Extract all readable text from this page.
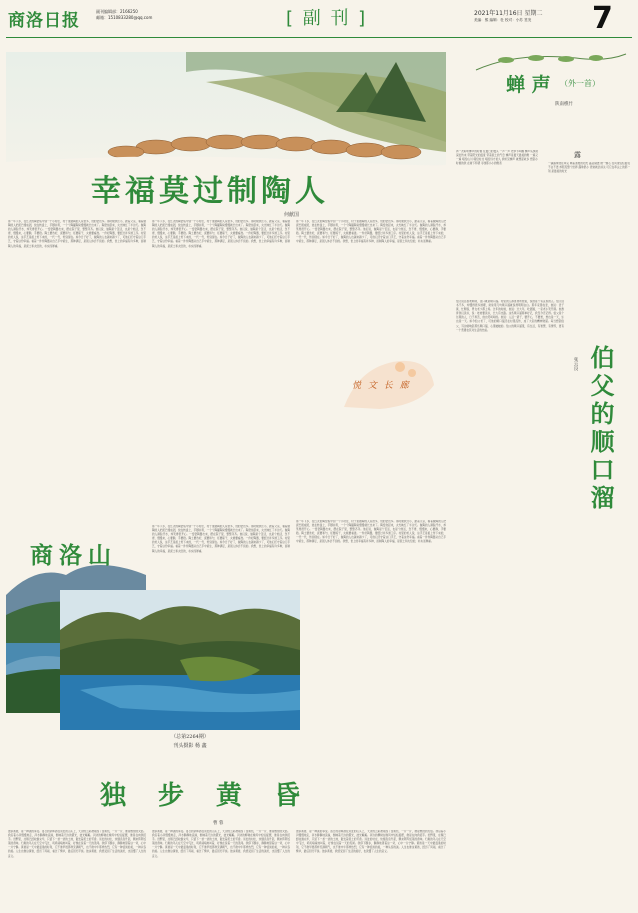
商洛日报	副刊编辑部：2166250
邮箱：1510833280@qq.com	[ 副 刊 ]	2021年11月16日 星期二
美编：熊 编辑：杜 校对：小苏 签发 7
幸福莫过制陶人
何献国
那一年下乡，在红火的陶窑集中到一个小村庄，村子里做陶的人家很多，烧的窑也多。那时候我还小，跟着父亲，看着做陶的人把泥巴揉成团，放在转盘上，手脚并用，一个个陶罐陶瓮慢慢就长出来了。陶窑烧起来，火光映红了半边天。做陶的人满脸汗水，却笑得很开心。一窑窑陶器出来，摆在院子里，整整齐齐。他们说，做陶是个苦活，也是个细活，急不得，慢慢来，心要静，手要稳。陶土要选好，泥要和匀，坯要晾干，火候要看准。一件好陶器，要经过许多道工序。村里的老人说，这手艺是祖上传下来的，一代一代，传到现在。如今日子好了，做陶的人也越来越少了，可他们还守着这门手艺，守着这份幸福。看着一件件陶器从自己手中诞生，那种满足，是别人体会不到的。我想，世上的幸福有许多种，而制陶人的幸福，是泥土和火给的，朴实而厚重。
那一年下乡，在红火的陶窑集中到一个小村庄，村子里做陶的人家很多，烧的窑也多。那时候我还小，跟着父亲，看着做陶的人把泥巴揉成团，放在转盘上，手脚并用，一个个陶罐陶瓮慢慢就长出来了。陶窑烧起来，火光映红了半边天。做陶的人满脸汗水，却笑得很开心。一窑窑陶器出来，摆在院子里，整整齐齐。他们说，做陶是个苦活，也是个细活，急不得，慢慢来，心要静，手要稳。陶土要选好，泥要和匀，坯要晾干，火候要看准。一件好陶器，要经过许多道工序。村里的老人说，这手艺是祖上传下来的，一代一代，传到现在。如今日子好了，做陶的人也越来越少了，可他们还守着这门手艺，守着这份幸福。看着一件件陶器从自己手中诞生，那种满足，是别人体会不到的。我想，世上的幸福有许多种，而制陶人的幸福，是泥土和火给的，朴实而厚重。
那一年下乡，在红火的陶窑集中到一个小村庄，村子里做陶的人家很多，烧的窑也多。那时候我还小，跟着父亲，看着做陶的人把泥巴揉成团，放在转盘上，手脚并用，一个个陶罐陶瓮慢慢就长出来了。陶窑烧起来，火光映红了半边天。做陶的人满脸汗水，却笑得很开心。一窑窑陶器出来，摆在院子里，整整齐齐。他们说，做陶是个苦活，也是个细活，急不得，慢慢来，心要静，手要稳。陶土要选好，泥要和匀，坯要晾干，火候要看准。一件好陶器，要经过许多道工序。村里的老人说，这手艺是祖上传下来的，一代一代，传到现在。如今日子好了，做陶的人也越来越少了，可他们还守着这门手艺，守着这份幸福。看着一件件陶器从自己手中诞生，那种满足，是别人体会不到的。我想，世上的幸福有许多种，而制陶人的幸福，是泥土和火给的，朴实而厚重。
蝉 声 （外一首）
陕南樵竹
再一次聆听蝉声的时候 在夏日的枝头 一声一声 把季节叫醒 蝉声从绿荫深处传来 带着阳光的温度 带着泥土的气息 蝉声是夏天最美的歌 一遍又一遍 唱给山川 唱给村庄 唱给远方的人 我听见蝉声 就想起故乡 想起小时候的我 在树下仰望 寻找那小小的歌者
露
一滴露珠挂在草尖 映着清晨的阳光 晶莹剔透 像一颗心 在风里轻轻摇曳 不言不语 却照见整个世界 露珠很小 很快就会消失 可它在草尖上的那一刻 是最美的时光
伯父的顺口溜
张云良
伯父说话喜欢押韵，张口就是顺口溜。村里的人都喜欢听他说，说他是个有意思的人。伯父读书不多，却懂得很多道理，常常用几句顺口溜就说得明明白白。那年家里收麦，他说：麦子黄，忙断肠，男女老少都上场。过年的时候，他说：过大年，吃团圆，一家老小笑开颜。他教育我们读书，说：娃娃要读书，长大有出路。这些顺口溜简单好记，我至今还记得。伯父是个乐观的人，日子再苦，他也笑呵呵的。他说：人活一辈子，要开心，不要愁，愁也是一天，乐也是一天。如今伯父老了，可他的顺口溜还在村里流传，成了大家的精神财富。每当想起伯父，耳边就响起那些顺口溜，心里暖暖的。伯父的顺口溜里，有生活，有智慧，有情怀，更有一个普通农民对生活的热爱。
悦 文 长 廊
那一年下乡，在红火的陶窑集中到一个小村庄，村子里做陶的人家很多，烧的窑也多。那时候我还小，跟着父亲，看着做陶的人把泥巴揉成团，放在转盘上，手脚并用，一个个陶罐陶瓮慢慢就长出来了。陶窑烧起来，火光映红了半边天。做陶的人满脸汗水，却笑得很开心。一窑窑陶器出来，摆在院子里，整整齐齐。他们说，做陶是个苦活，也是个细活，急不得，慢慢来，心要静，手要稳。陶土要选好，泥要和匀，坯要晾干，火候要看准。一件好陶器，要经过许多道工序。村里的老人说，这手艺是祖上传下来的，一代一代，传到现在。如今日子好了，做陶的人也越来越少了，可他们还守着这门手艺，守着这份幸福。看着一件件陶器从自己手中诞生，那种满足，是别人体会不到的。我想，世上的幸福有许多种，而制陶人的幸福，是泥土和火给的，朴实而厚重。
那一年下乡，在红火的陶窑集中到一个小村庄，村子里做陶的人家很多，烧的窑也多。那时候我还小，跟着父亲，看着做陶的人把泥巴揉成团，放在转盘上，手脚并用，一个个陶罐陶瓮慢慢就长出来了。陶窑烧起来，火光映红了半边天。做陶的人满脸汗水，却笑得很开心。一窑窑陶器出来，摆在院子里，整整齐齐。他们说，做陶是个苦活，也是个细活，急不得，慢慢来，心要静，手要稳。陶土要选好，泥要和匀，坯要晾干，火候要看准。一件好陶器，要经过许多道工序。村里的老人说，这手艺是祖上传下来的，一代一代，传到现在。如今日子好了，做陶的人也越来越少了，可他们还守着这门手艺，守着这份幸福。看着一件件陶器从自己手中诞生，那种满足，是别人体会不到的。我想，世上的幸福有许多种，而制陶人的幸福，是泥土和火给的，朴实而厚重。
商洛山
（总第2264期）
刊头摄影 杨 鑫
独步黄昏
曹 蓉
独步黄昏，是一种美的享受。落日的余晖洒在远处的山头上，天边的云彩被染成了金黄色，一片一片，像是燃烧的火焰。我沿着小河慢慢地走，河水静静地流淌，倒映着天边的霞光，波光粼粼。河边的柳树在晚风中轻轻摇摆，像是在向我招手。田野里，庄稼已经收割完毕，只留下一垄一垄的土地，散发着泥土的芳香。远处的村庄，炊烟袅袅升起，飘来阵阵饭菜的香味。归巢的鸟儿在天空中飞过，叽叽喳喳地叫着，好像在说着一天的见闻。我停下脚步，静静地望着这一切，心中一片宁静。黄昏是一天中最温柔的时刻，它不像早晨那样充满朝气，也不像中午那样热烈，它有一种恬淡的美，一种从容的美。人生也像这黄昏，经历了风雨，看过了繁华，最后回归平淡。独步黄昏，我感受到了生活的美好，也读懂了人生的意义。
独步黄昏，是一种美的享受。落日的余晖洒在远处的山头上，天边的云彩被染成了金黄色，一片一片，像是燃烧的火焰。我沿着小河慢慢地走，河水静静地流淌，倒映着天边的霞光，波光粼粼。河边的柳树在晚风中轻轻摇摆，像是在向我招手。田野里，庄稼已经收割完毕，只留下一垄一垄的土地，散发着泥土的芳香。远处的村庄，炊烟袅袅升起，飘来阵阵饭菜的香味。归巢的鸟儿在天空中飞过，叽叽喳喳地叫着，好像在说着一天的见闻。我停下脚步，静静地望着这一切，心中一片宁静。黄昏是一天中最温柔的时刻，它不像早晨那样充满朝气，也不像中午那样热烈，它有一种恬淡的美，一种从容的美。人生也像这黄昏，经历了风雨，看过了繁华，最后回归平淡。独步黄昏，我感受到了生活的美好，也读懂了人生的意义。
独步黄昏，是一种美的享受。落日的余晖洒在远处的山头上，天边的云彩被染成了金黄色，一片一片，像是燃烧的火焰。我沿着小河慢慢地走，河水静静地流淌，倒映着天边的霞光，波光粼粼。河边的柳树在晚风中轻轻摇摆，像是在向我招手。田野里，庄稼已经收割完毕，只留下一垄一垄的土地，散发着泥土的芳香。远处的村庄，炊烟袅袅升起，飘来阵阵饭菜的香味。归巢的鸟儿在天空中飞过，叽叽喳喳地叫着，好像在说着一天的见闻。我停下脚步，静静地望着这一切，心中一片宁静。黄昏是一天中最温柔的时刻，它不像早晨那样充满朝气，也不像中午那样热烈，它有一种恬淡的美，一种从容的美。人生也像这黄昏，经历了风雨，看过了繁华，最后回归平淡。独步黄昏，我感受到了生活的美好，也读懂了人生的意义。
